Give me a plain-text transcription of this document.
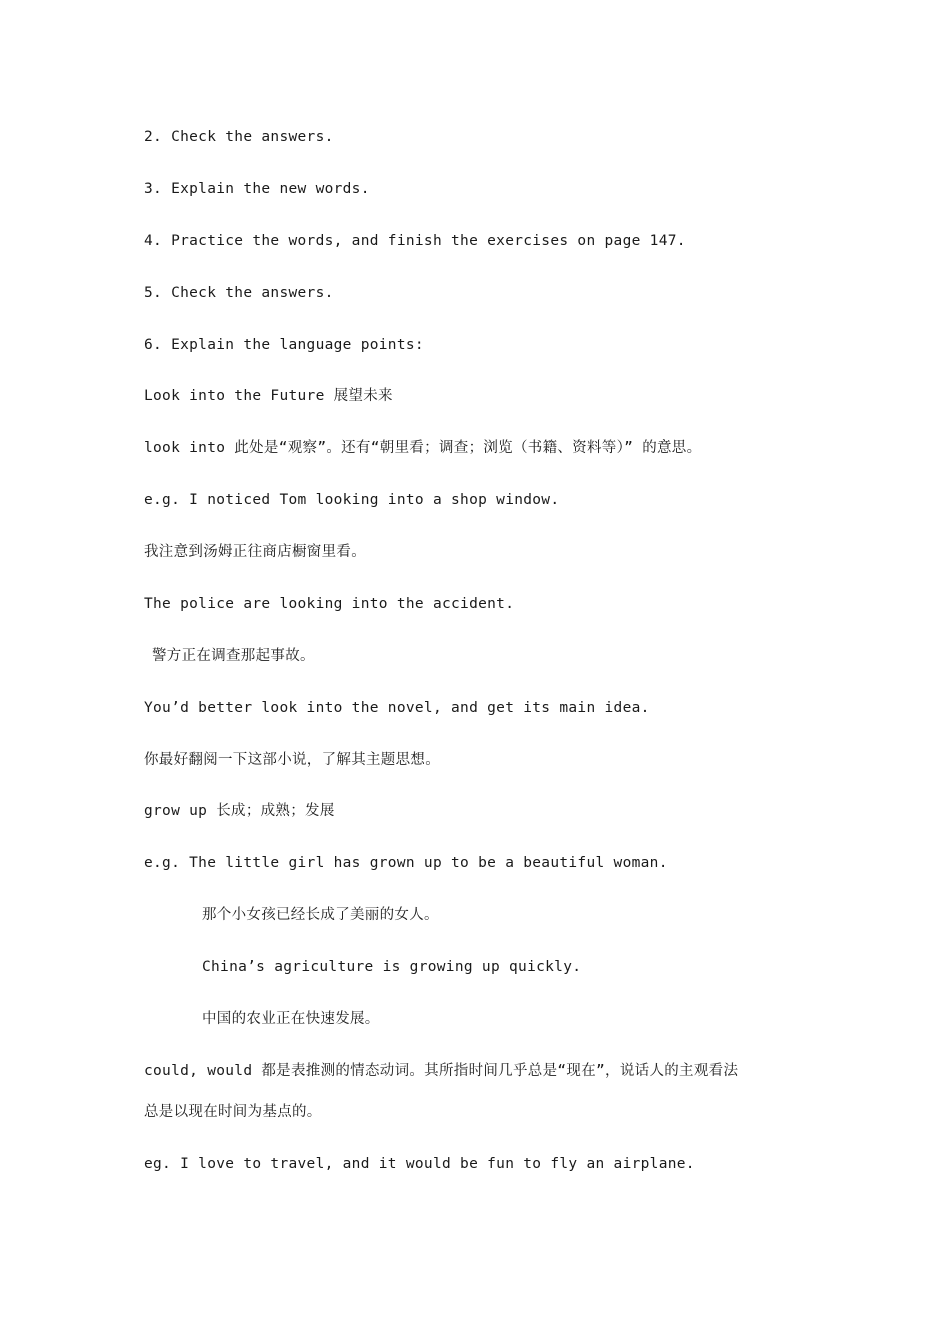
2. Check the answers.
3. Explain the new words.
4. Practice the words, and finish the exercises on page 147.
5. Check the answers.
6. Explain the language points:
Look into the Future 展望未来
look into 此处是“观察”。还有“朝里看；调查；浏览（书籍、资料等）” 的意思。
e.g. I noticed Tom looking into a shop window.
我注意到汤姆正往商店橱窗里看。
The police are looking into the accident.
警方正在调查那起事故。
You’d better look into the novel, and get its main idea.
你最好翻阅一下这部小说，了解其主题思想。
grow up 长成；成熟；发展
e.g. The little girl has grown up to be a beautiful woman.
那个小女孩已经长成了美丽的女人。
China’s agriculture is growing up quickly.
中国的农业正在快速发展。
could, would 都是表推测的情态动词。其所指时间几乎总是“现在”，说话人的主观看法
总是以现在时间为基点的。
eg. I love to travel, and it would be fun to fly an airplane.
